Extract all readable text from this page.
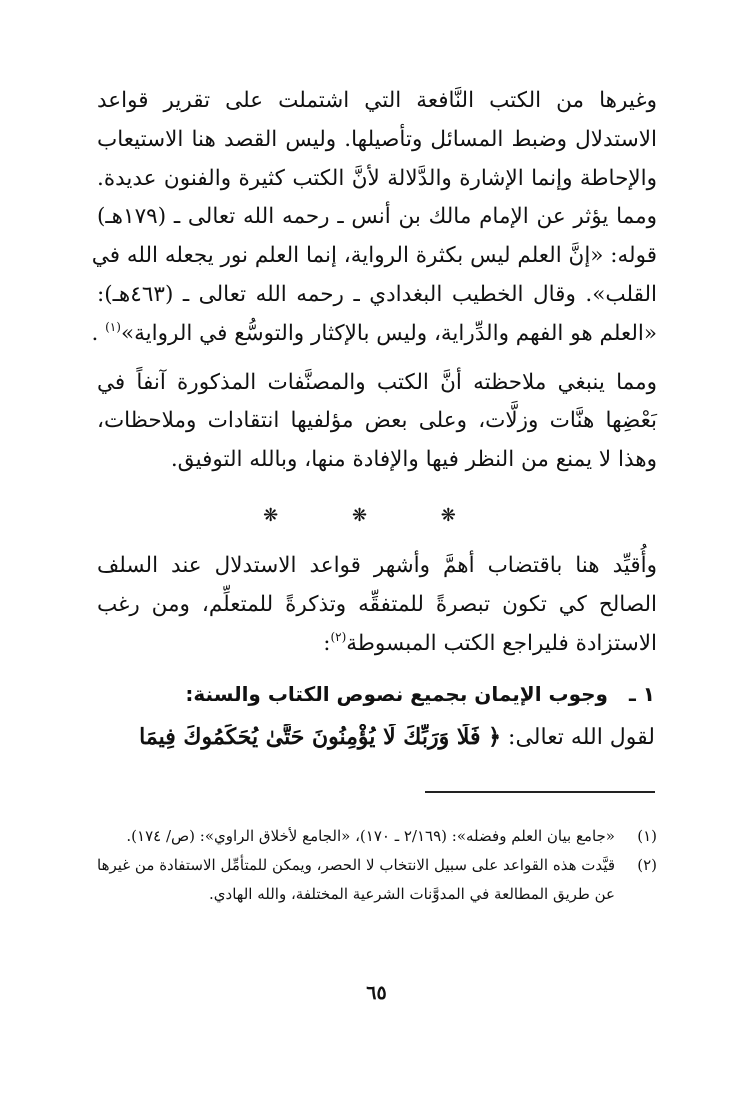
وغيرها من الكتب النَّافعة التي اشتملت على تقرير قواعد
الاستدلال وضبط المسائل وتأصيلها. وليس القصد هنا الاستيعاب
والإحاطة وإنما الإشارة والدَّلالة لأنَّ الكتب كثيرة والفنون عديدة.
ومما يؤثر عن الإمام مالك بن أنس ـ رحمه الله تعالى ـ (١٧٩هـ)
قوله: «إنَّ العلم ليس بكثرة الرواية، إنما العلم نور يجعله الله في
القلب». وقال الخطيب البغدادي ـ رحمه الله تعالى ـ (٤٦٣هـ):
«العلم هو الفهم والدِّراية، وليس بالإكثار والتوسُّع في الرواية»$^{(١)}$ .
ومما ينبغي ملاحظته أنَّ الكتب والمصنَّفات المذكورة آنفاً في
بَعْضِها هنَّات وزلَّات، وعلى بعض مؤلفيها انتقادات وملاحظات،
وهذا لا يمنع من النظر فيها والإفادة منها، وبالله التوفيق.
❋ ❋ ❋
وأُقيِّد هنا باقتضاب أهمَّ وأشهر قواعد الاستدلال عند السلف
الصالح كي تكون تبصرةً للمتفقِّه وتذكرةً للمتعلِّم، ومن رغب
الاستزادة فليراجع الكتب المبسوطة$^{(٢)}$:
١ ـ وجوب الإيمان بجميع نصوص الكتاب والسنة:
لقول الله تعالى: ﴿ فَلَا وَرَبِّكَ لَا يُؤْمِنُونَ حَتَّىٰ يُحَكِّمُوكَ فِيمَا
(١)
«جامع بيان العلم وفضله»: (٢/١٦٩ ـ ١٧٠)، «الجامع لأخلاق الراوي»: (ص/ ١٧٤).
(٢)
قيَّدت هذه القواعد على سبيل الانتخاب لا الحصر، ويمكن للمتأمِّل الاستفادة من غيرها عن طريق المطالعة في المدوَّنات الشرعية المختلفة، والله الهادي.
٦٥
